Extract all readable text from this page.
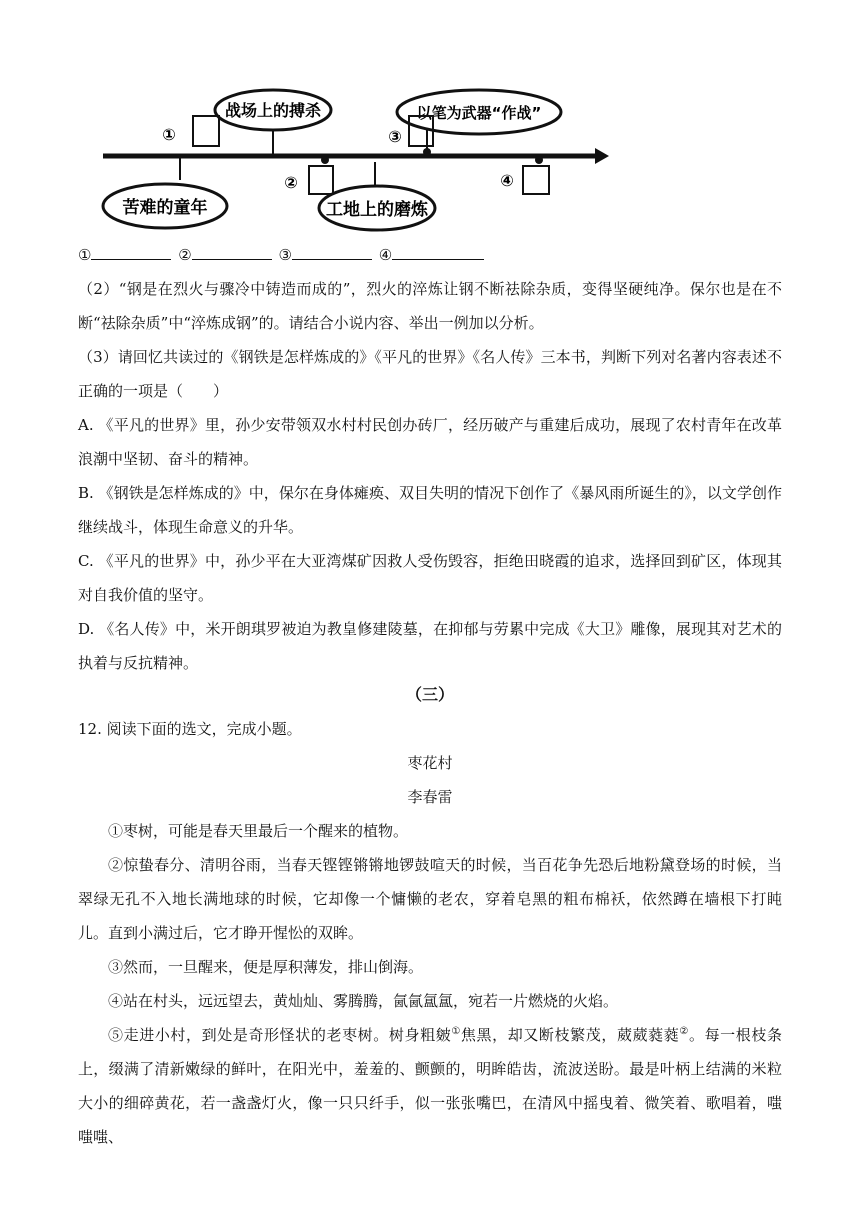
苦难的童年
战场上的搏杀
工地上的磨炼
以笔为武器“作战”
①
②
③
④
①	②	③	④
（2）“钢是在烈火与骤冷中铸造而成的”，烈火的淬炼让钢不断祛除杂质，变得坚硬纯净。保尔也是在不断“祛除杂质”中“淬炼成钢”的。请结合小说内容、举出一例加以分析。
（3）请回忆共读过的《钢铁是怎样炼成的》《平凡的世界》《名人传》三本书，判断下列对名著内容表述不正确的一项是（　　）
A. 《平凡的世界》里，孙少安带领双水村村民创办砖厂，经历破产与重建后成功，展现了农村青年在改革浪潮中坚韧、奋斗的精神。
B. 《钢铁是怎样炼成的》中，保尔在身体瘫痪、双目失明的情况下创作了《暴风雨所诞生的》，以文学创作继续战斗，体现生命意义的升华。
C. 《平凡的世界》中，孙少平在大亚湾煤矿因救人受伤毁容，拒绝田晓霞的追求，选择回到矿区，体现其对自我价值的坚守。
D. 《名人传》中，米开朗琪罗被迫为教皇修建陵墓，在抑郁与劳累中完成《大卫》雕像，展现其对艺术的执着与反抗精神。
（三）
12. 阅读下面的选文，完成小题。
枣花村
李春雷
①枣树，可能是春天里最后一个醒来的植物。
②惊蛰春分、清明谷雨，当春天铿铿锵锵地锣鼓喧天的时候，当百花争先恐后地粉黛登场的时候，当翠绿无孔不入地长满地球的时候，它却像一个慵懒的老农，穿着皂黑的粗布棉袄，依然蹲在墙根下打盹儿。直到小满过后，它才睁开惺忪的双眸。
③然而，一旦醒来，便是厚积薄发，排山倒海。
④站在村头，远远望去，黄灿灿、雾腾腾，氤氤氲氲，宛若一片燃烧的火焰。
⑤走进小村，到处是奇形怪状的老枣树。树身粗皴①焦黑，却又断枝繁茂，葳葳蕤蕤②。每一根枝条上，缀满了清新嫩绿的鲜叶，在阳光中，羞羞的、颤颤的，明眸皓齿，流波送盼。最是叶柄上结满的米粒大小的细碎黄花，若一盏盏灯火，像一只只纤手，似一张张嘴巴，在清风中摇曳着、微笑着、歌唱着，嗤嗤嗤、
